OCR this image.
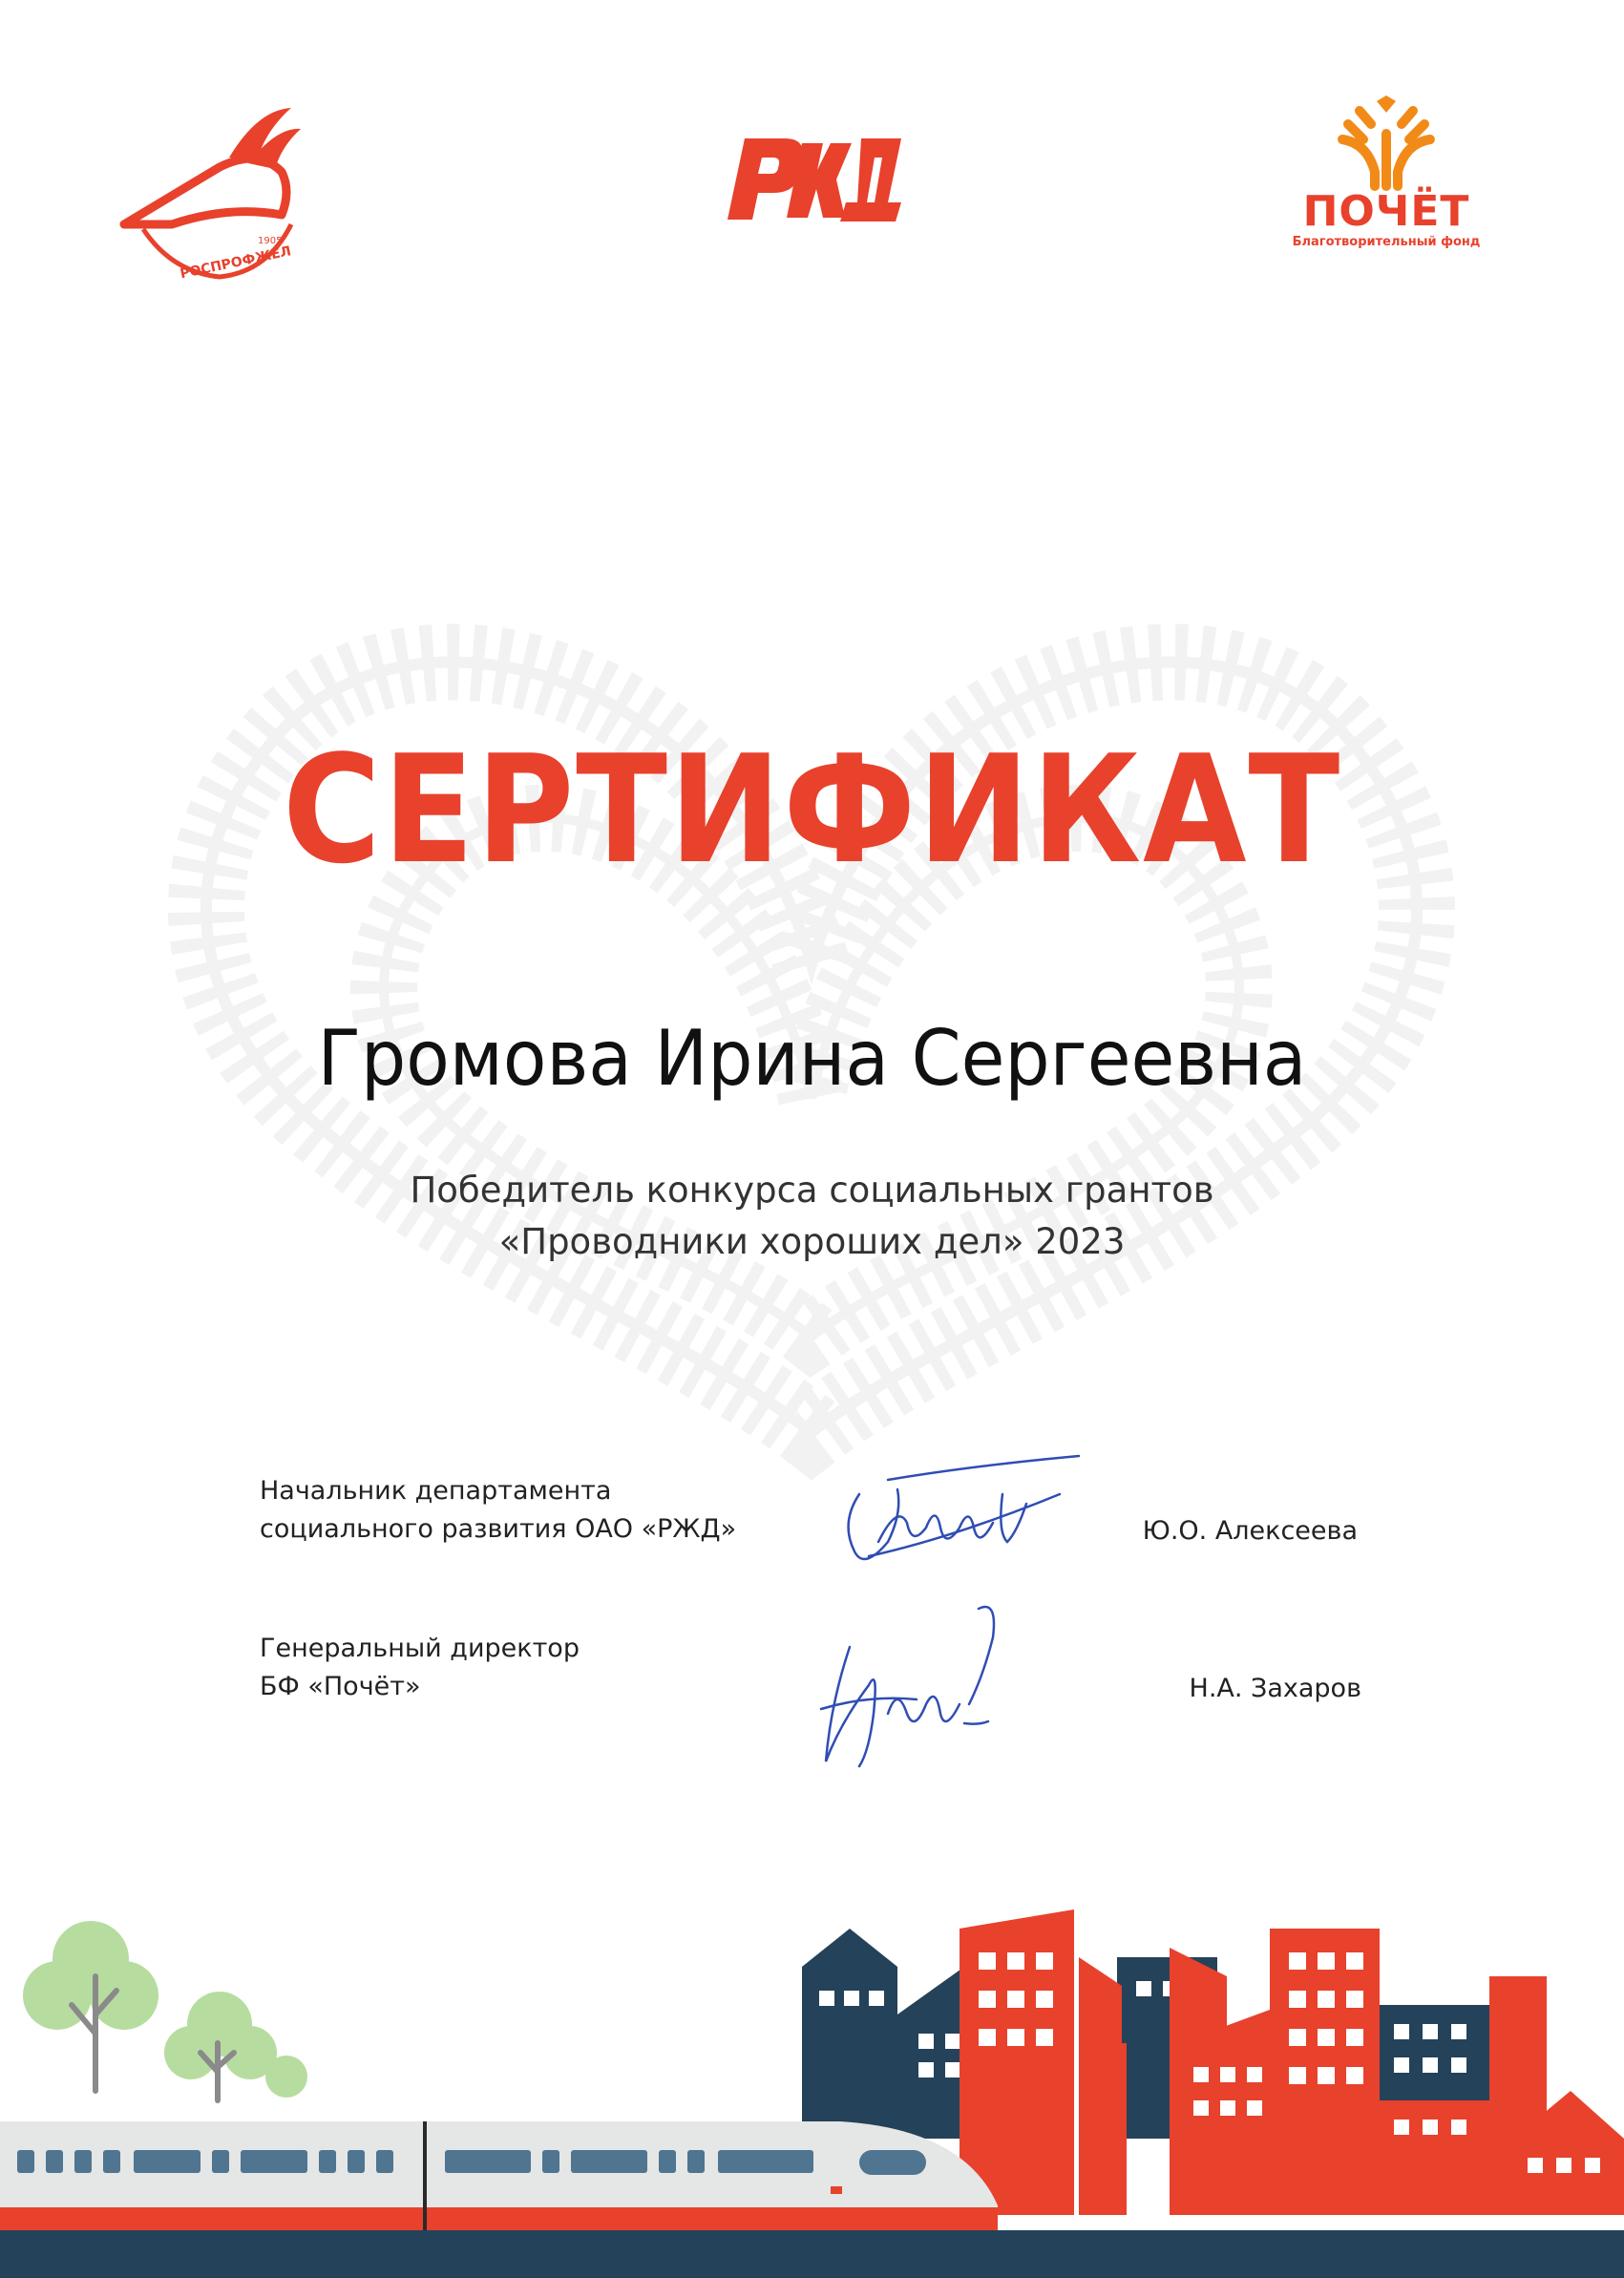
1905
РОСПРОФЖЕЛ
ПОЧЁТ
Благотворительный фонд
СЕРТИФИКАТ
Громова Ирина Сергеевна
Победитель конкурса социальных грантов
«Проводники хороших дел» 2023
Начальник департамента
социального развития ОАО «РЖД»	Ю.О. Алексеева
Генеральный директор
БФ «Почёт»	Н.А. Захаров
